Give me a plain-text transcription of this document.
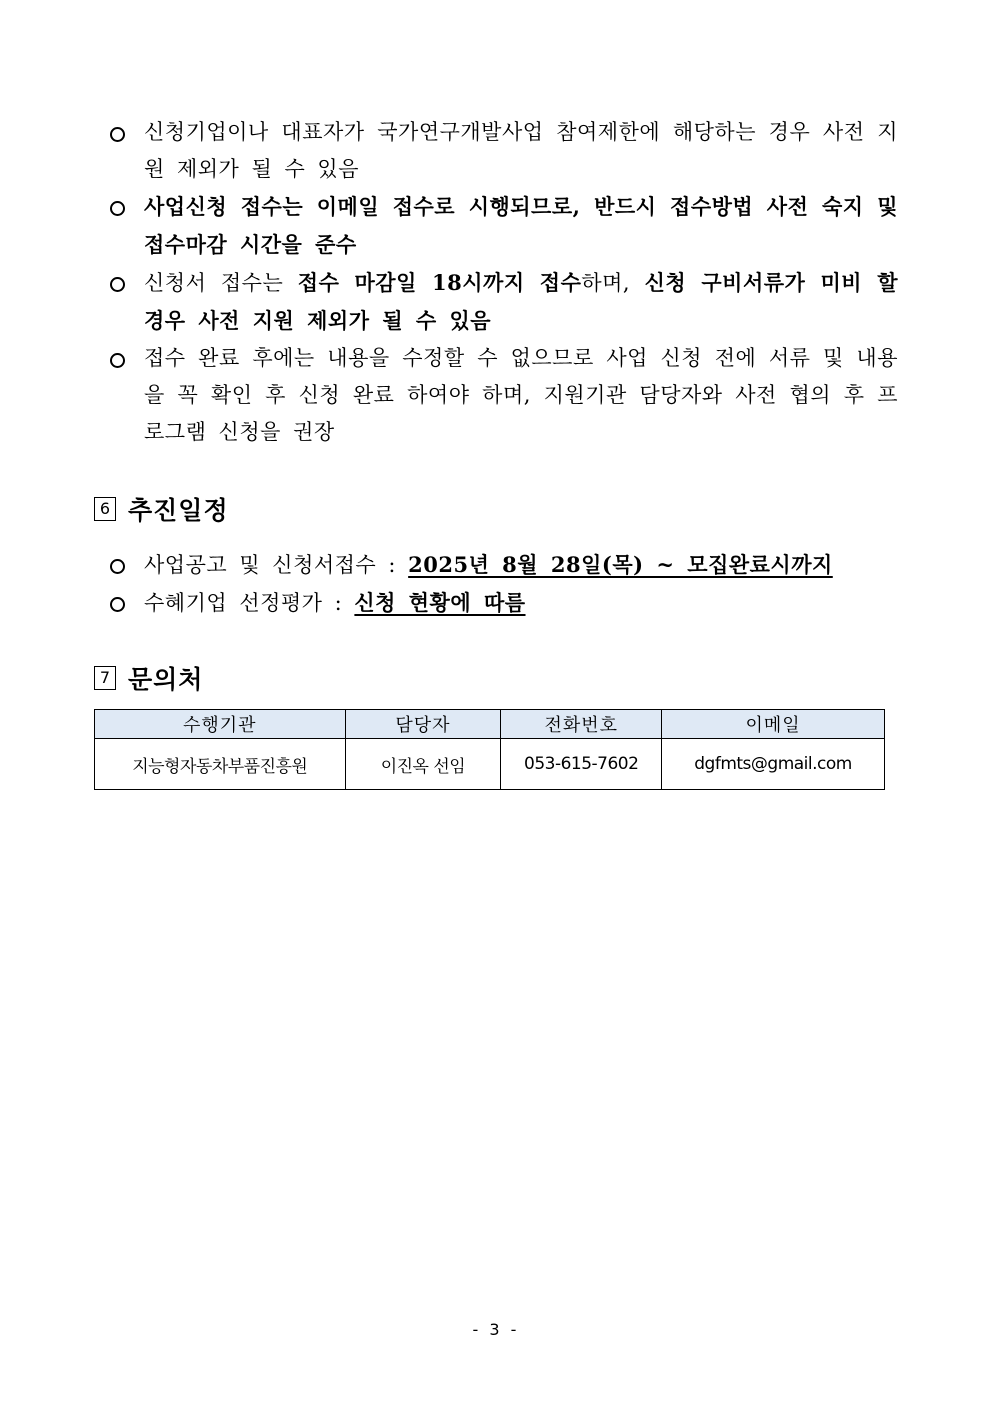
신청기업이나 대표자가 국가연구개발사업 참여제한에 해당하는 경우 사전 지원 제외가 될 수 있음
사업신청 접수는 이메일 접수로 시행되므로, 반드시 접수방법 사전 숙지 및 접수마감 시간을 준수
신청서 접수는 접수 마감일 18시까지 접수하며, 신청 구비서류가 미비 할 경우 사전 지원 제외가 될 수 있음
접수 완료 후에는 내용을 수정할 수 없으므로 사업 신청 전에 서류 및 내용을 꼭 확인 후 신청 완료 하여야 하며, 지원기관 담당자와 사전 협의 후 프로그램 신청을 권장
6 추진일정
사업공고 및 신청서접수 : 2025년 8월 28일(목) ~ 모집완료시까지
수혜기업 선정평가 : 신청 현황에 따름
7 문의처
수행기관	담당자	전화번호	이메일
지능형자동차부품진흥원	이진옥 선임	053-615-7602	dgfmts@gmail.com
- 3 -
